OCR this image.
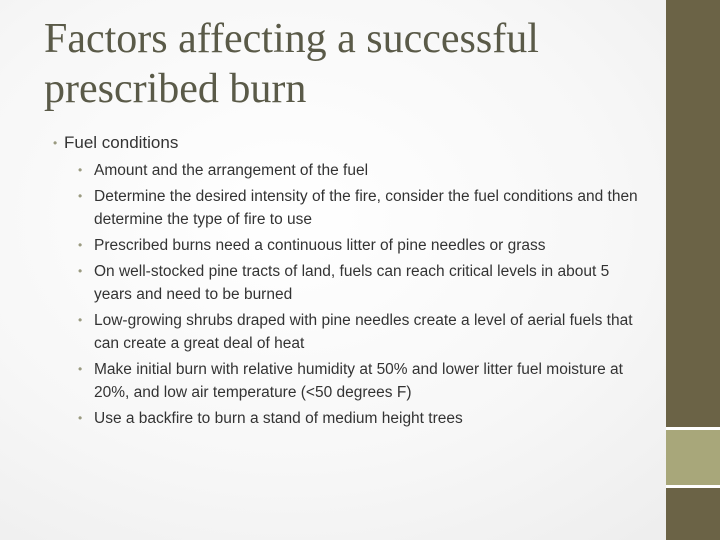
Factors affecting a successful prescribed burn
• Fuel conditions
• Amount and the arrangement of the fuel
• Determine the desired intensity of the fire, consider the fuel conditions and then determine the type of fire to use
• Prescribed burns need a continuous litter of pine needles or grass
• On well-stocked pine tracts of land, fuels can reach critical levels in about 5 years and need to be burned
• Low-growing shrubs draped with pine needles create a level of aerial fuels that can create a great deal of heat
• Make initial burn with relative humidity at 50% and lower litter fuel moisture at 20%, and low air temperature (<50 degrees F)
• Use a backfire to burn a stand of medium height trees
